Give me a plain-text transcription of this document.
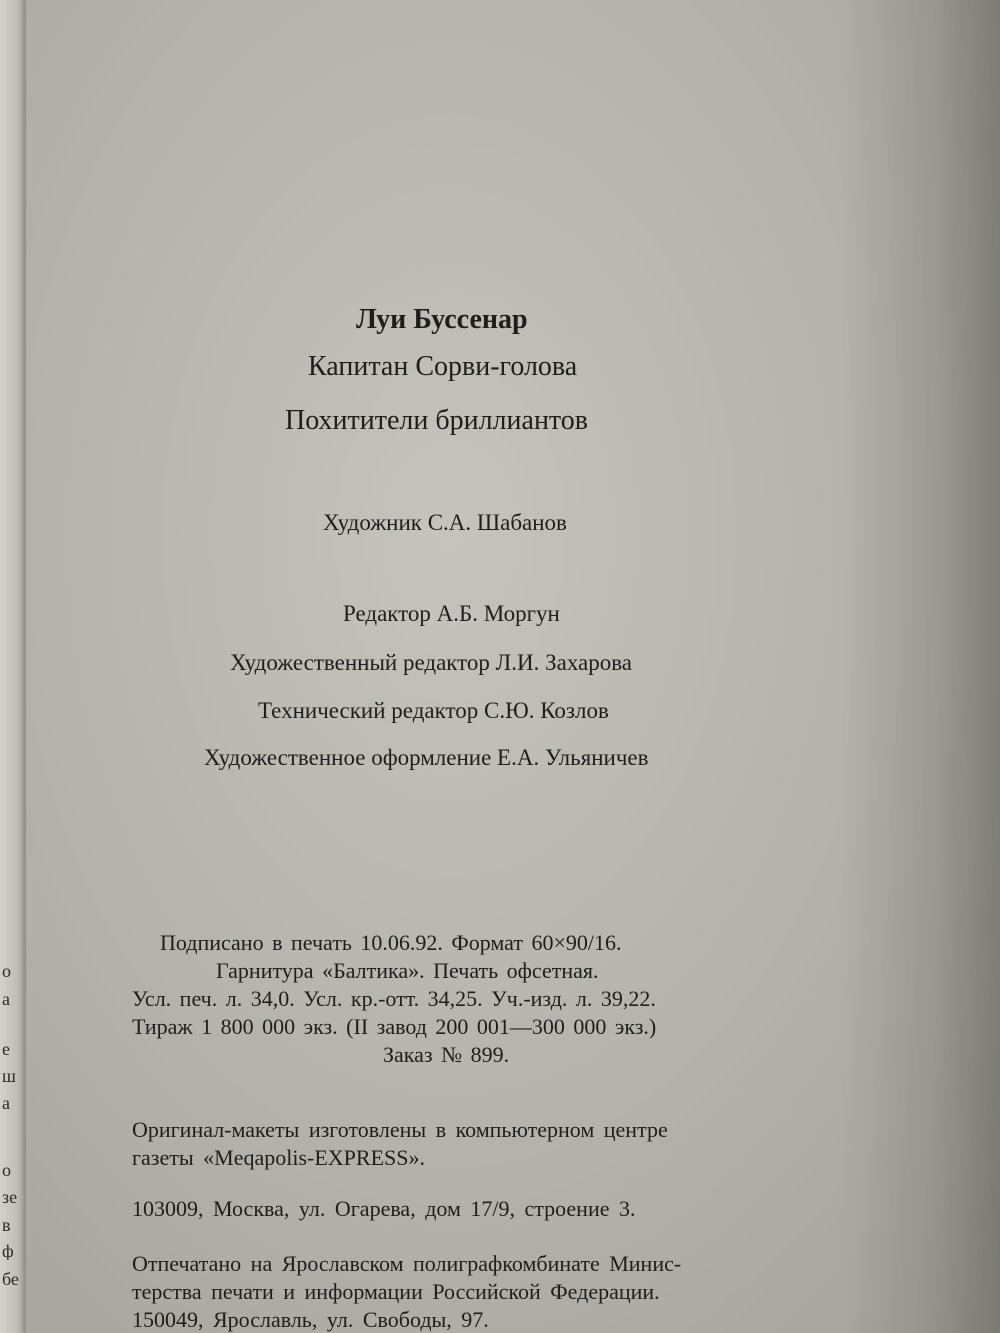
о
а
е
ш
а
о
зе
в
ф
бе

Луи Буссенар
Капитан Сорви-голова
Похитители бриллиантов
Художник С.А. Шабанов
Редактор А.Б. Моргун
Художественный редактор Л.И. Захарова
Технический редактор С.Ю. Козлов
Художественное оформление Е.А. Ульяничев
Подписано в печать 10.06.92. Формат 60×90/16.
Гарнитура «Балтика». Печать офсетная.
Усл. печ. л. 34,0. Усл. кр.-отт. 34,25. Уч.-изд. л. 39,22.
Тираж 1 800 000 экз. (II завод 200 001—300 000 экз.)
Заказ № 899.
Оригинал-макеты изготовлены в компьютерном центре
газеты «Meqapolis-EXPRESS».
103009, Москва, ул. Огарева, дом 17/9, строение 3.
Отпечатано на Ярославском полиграфкомбинате Минис-
терства печати и информации Российской Федерации.
150049, Ярославль, ул. Свободы, 97.
